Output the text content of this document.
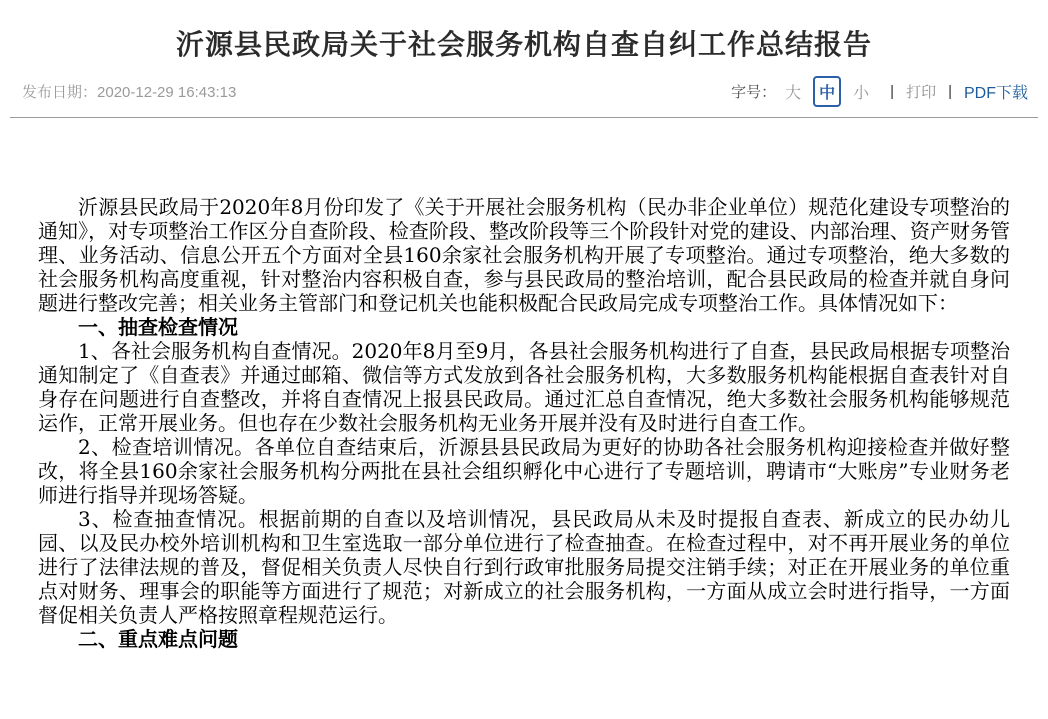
沂源县民政局关于社会服务机构自查自纠工作总结报告
发布日期：2020-12-29 16:43:13	字号： 大	中	小	| 打印 | PDF下载

沂源县民政局于2020年8月份印发了《关于开展社会服务机构（民办非企业单位）规范化建设专项整治的通知》，对专项整治工作区分自查阶段、检查阶段、整改阶段等三个阶段针对党的建设、内部治理、资产财务管理、业务活动、信息公开五个方面对全县160余家社会服务机构开展了专项整治。通过专项整治，绝大多数的社会服务机构高度重视，针对整治内容积极自查，参与县民政局的整治培训，配合县民政局的检查并就自身问题进行整改完善；相关业务主管部门和登记机关也能积极配合民政局完成专项整治工作。具体情况如下：

一、抽查检查情况

1、各社会服务机构自查情况。2020年8月至9月，各县社会服务机构进行了自查，县民政局根据专项整治通知制定了《自查表》并通过邮箱、微信等方式发放到各社会服务机构，大多数服务机构能根据自查表针对自身存在问题进行自查整改，并将自查情况上报县民政局。通过汇总自查情况，绝大多数社会服务机构能够规范运作，正常开展业务。但也存在少数社会服务机构无业务开展并没有及时进行自查工作。

2、检查培训情况。各单位自查结束后，沂源县县民政局为更好的协助各社会服务机构迎接检查并做好整改，将全县160余家社会服务机构分两批在县社会组织孵化中心进行了专题培训，聘请市“大账房”专业财务老师进行指导并现场答疑。

3、检查抽查情况。根据前期的自查以及培训情况，县民政局从未及时提报自查表、新成立的民办幼儿园、以及民办校外培训机构和卫生室选取一部分单位进行了检查抽查。在检查过程中，对不再开展业务的单位进行了法律法规的普及，督促相关负责人尽快自行到行政审批服务局提交注销手续；对正在开展业务的单位重点对财务、理事会的职能等方面进行了规范；对新成立的社会服务机构，一方面从成立会时进行指导，一方面督促相关负责人严格按照章程规范运行。

二、重点难点问题
